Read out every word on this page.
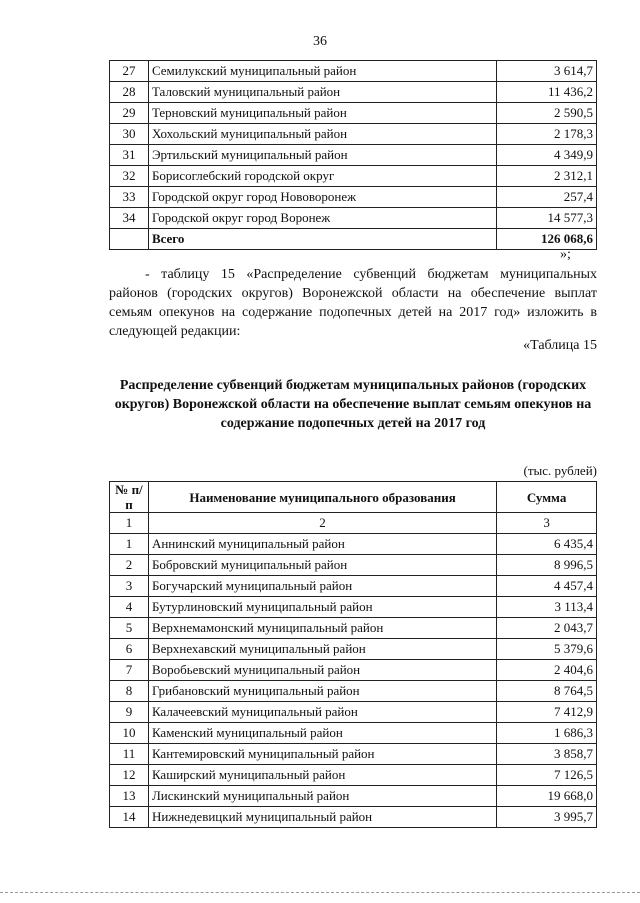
36
27	Семилукский муниципальный район	3 614,7
28	Таловский муниципальный район	11 436,2
29	Терновский муниципальный район	2 590,5
30	Хохольский муниципальный район	2 178,3
31	Эртильский муниципальный район	4 349,9
32	Борисоглебский городской округ	2 312,1
33	Городской округ город Нововоронеж	257,4
34	Городской округ город Воронеж	14 577,3
	Всего	126 068,6
»;

- таблицу 15 «Распределение субвенций бюджетам муниципальных районов (городских округов) Воронежской области на обеспечение выплат семьям опекунов на содержание подопечных детей на 2017 год» изложить в следующей редакции:

«Таблица 15

Распределение субвенций бюджетам муниципальных районов (городских округов) Воронежской области на обеспечение выплат семьям опекунов на содержание подопечных детей на 2017 год

(тыс. рублей)
№ п/п	Наименование муниципального образования	Сумма
1	2	3
1	Аннинский муниципальный район	6 435,4
2	Бобровский муниципальный район	8 996,5
3	Богучарский муниципальный район	4 457,4
4	Бутурлиновский муниципальный район	3 113,4
5	Верхнемамонский муниципальный район	2 043,7
6	Верхнехавский муниципальный район	5 379,6
7	Воробьевский муниципальный район	2 404,6
8	Грибановский муниципальный район	8 764,5
9	Калачеевский муниципальный район	7 412,9
10	Каменский муниципальный район	1 686,3
11	Кантемировский муниципальный район	3 858,7
12	Каширский муниципальный район	7 126,5
13	Лискинский муниципальный район	19 668,0
14	Нижнедевицкий муниципальный район	3 995,7
